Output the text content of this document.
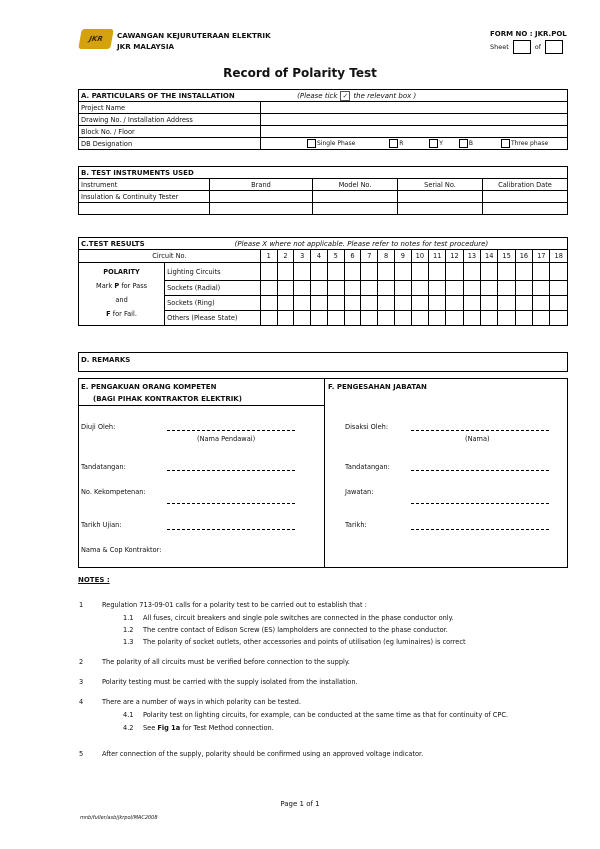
JKR CAWANGAN KEJURUTERAAN ELEKTRIK
JKR MALAYSIA
FORM NO : JKR.POL
Sheet	of
Record of Polarity Test
A. PARTICULARS OF THE INSTALLATION (Please tick ✓ the relevant box )	
Project Name	
Drawing No. / Installation Address	
Block No. / Floor	
DB Designation	Single Phase R Y B Three phase
B. TEST INSTRUMENTS USED				
Instrument	Brand	Model No.	Serial No.	Calibration Date
Insulation & Continuity Tester				

C.TEST RESULTS (Please X where not applicable. Please refer to notes for test procedure)																			
Circuit No.		1	2	3	4	5	6	7	8	9	10	11	12	13	14	15	16	17	18

POLARITY
Mark P for Pass
and
F for Fail.	Lighting Circuits																		
	Sockets (Radial)																		
	Sockets (Ring)																		
	Others (Please State)																		
D. REMARKS
E. PENGAKUAN ORANG KOMPETEN
(BAGI PIHAK KONTRAKTOR ELEKTRIK)
F. PENGESAHAN JABATAN
Diuji Oleh:
(Nama Pendawai)
Tandatangan:
No. Kekompetenan:
Tarikh Ujian:
Nama & Cop Kontraktor:
Disaksi Oleh:
(Nama)
Tandatangan:
Jawatan:
Tarikh:
NOTES :
1	Regulation 713-09-01 calls for a polarity test to be carried out to establish that :
1.1 All fuses, circuit breakers and single pole switches are connected in the phase conductor only.
1.2 The centre contact of Edison Screw (ES) lampholders are connected to the phase conductor.
1.3 The polarity of socket outlets, other accessories and points of utilisation (eg luminaires) is correct
2	The polarity of all circuits must be verified before connection to the supply.
3	Polarity testing must be carried with the supply isolated from the installation.
4	There are a number of ways in which polarity can be tested.
4.1 Polarity test on lighting circuits, for example, can be conducted at the same time as that for continuity of CPC.
4.2 See Fig 1a for Test Method connection.
5	After connection of the supply, polarity should be confirmed using an approved voltage indicator.
Page 1 of 1
mnb/fuller/asb/jkrpol/MAC2008
